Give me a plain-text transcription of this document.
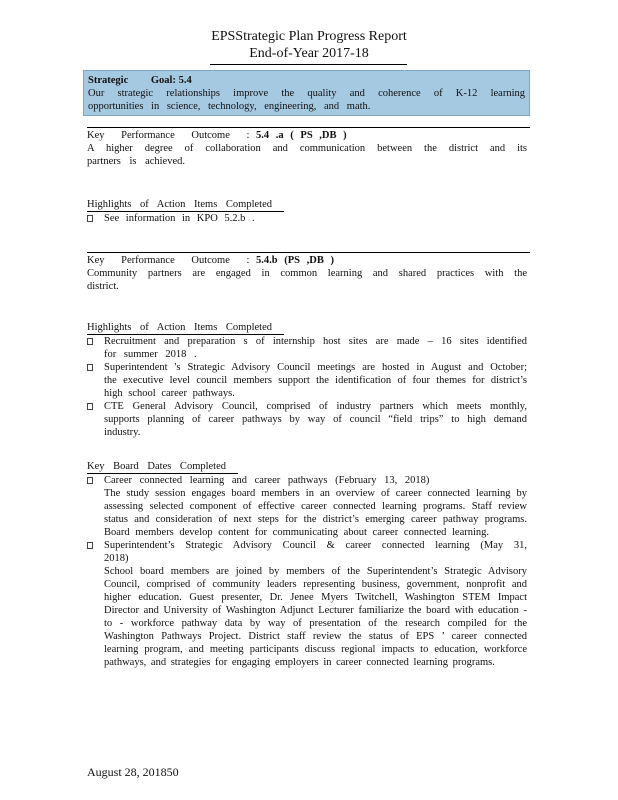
EPSStrategic Plan Progress Report
End-of-Year 2017-18
Strategic Goal: 5.4
Our strategic relationships improve the quality and coherence of K-12 learning opportunities in science, technology, engineering, and math.
Key Performance Outcome : 5.4 .a ( PS ,DB )
A higher degree of collaboration and communication between the district and its partners is achieved.
Highlights of Action Items Completed
See information in KPO 5.2.b .
Key Performance Outcome : 5.4.b (PS ,DB )
Community partners are engaged in common learning and shared practices with the district.
Highlights of Action Items Completed
Recruitment and preparation s of internship host sites are made – 16 sites identified for summer 2018 .
Superintendent 's Strategic Advisory Council meetings are hosted in August and October; the executive level council members support the identification of four themes for district’s high school career pathways.
CTE General Advisory Council, comprised of industry partners which meets monthly, supports planning of career pathways by way of council “field trips” to high demand industry.
Key Board Dates Completed
Career connected learning and career pathways (February 13, 2018)
The study session engages board members in an overview of career connected learning by assessing selected component of effective career connected learning programs. Staff review status and consideration of next steps for the district’s emerging career pathway programs. Board members develop content for communicating about career connected learning.
Superintendent’s Strategic Advisory Council & career connected learning (May 31, 2018)
School board members are joined by members of the Superintendent’s Strategic Advisory Council, comprised of community leaders representing business, government, nonprofit and higher education. Guest presenter, Dr. Jenee Myers Twitchell, Washington STEM Impact Director and University of Washington Adjunct Lecturer familiarize the board with education - to - workforce pathway data by way of presentation of the research compiled for the Washington Pathways Project. District staff review the status of EPS ’ career connected learning program, and meeting participants discuss regional impacts to education, workforce pathways, and strategies for engaging employers in career connected learning programs.
August 28, 201850
